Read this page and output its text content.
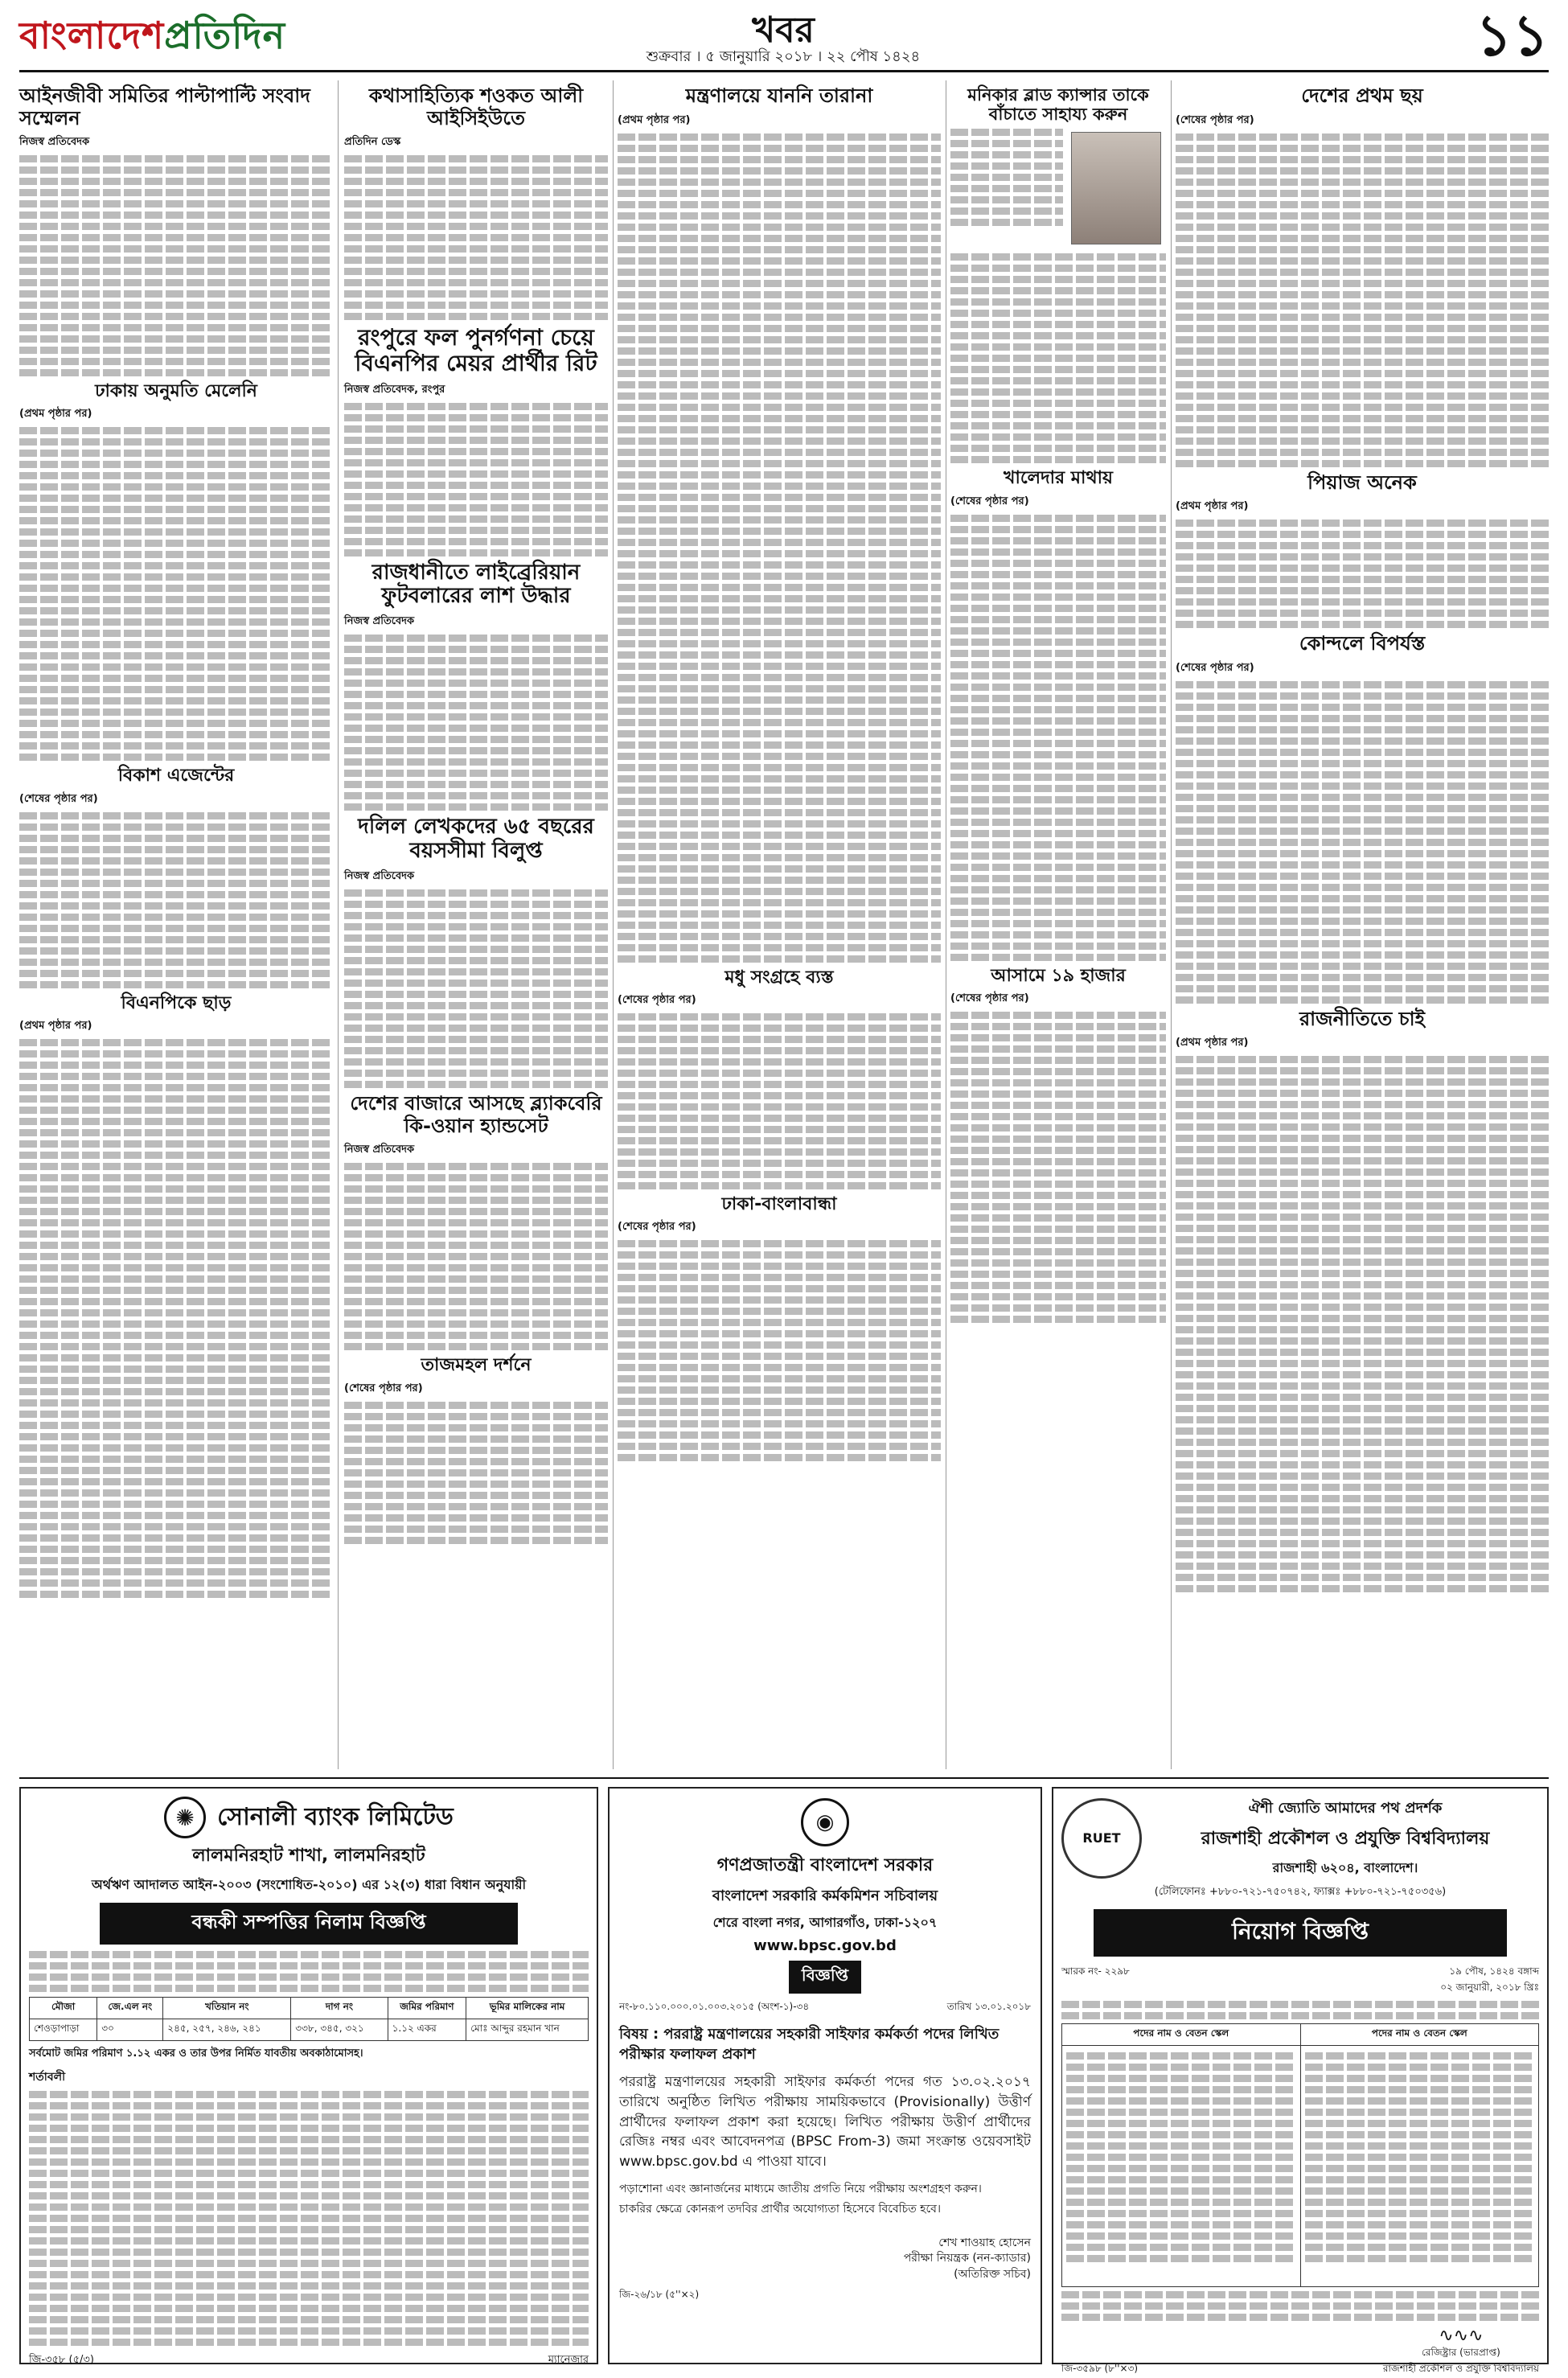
বাংলাদেশপ্রতিদিন	খবর
শুক্রবার । ৫ জানুয়ারি ২০১৮ । ২২ পৌষ ১৪২৪	১১
আইনজীবী সমিতির পাল্টাপাল্টি সংবাদ সম্মেলন
নিজস্ব প্রতিবেদক
ঢাকায় অনুমতি মেলেনি
(প্রথম পৃষ্ঠার পর)
বিকাশ এজেন্টের
(শেষের পৃষ্ঠার পর)
বিএনপিকে ছাড়
(প্রথম পৃষ্ঠার পর)
কথাসাহিত্যিক শওকত আলী আইসিইউতে
প্রতিদিন ডেস্ক
রংপুরে ফল পুনর্গণনা চেয়ে বিএনপির মেয়র প্রার্থীর রিট
নিজস্ব প্রতিবেদক, রংপুর
রাজধানীতে লাইব্রেরিয়ান ফুটবলারের লাশ উদ্ধার
নিজস্ব প্রতিবেদক
দলিল লেখকদের ৬৫ বছরের বয়সসীমা বিলুপ্ত
নিজস্ব প্রতিবেদক
দেশের বাজারে আসছে ব্ল্যাকবেরি কি-ওয়ান হ্যান্ডসেট
নিজস্ব প্রতিবেদক
তাজমহল দর্শনে
(শেষের পৃষ্ঠার পর)
মন্ত্রণালয়ে যাননি তারানা
(প্রথম পৃষ্ঠার পর)
মধু সংগ্রহে ব্যস্ত
(শেষের পৃষ্ঠার পর)
ঢাকা-বাংলাবান্ধা
(শেষের পৃষ্ঠার পর)
মনিকার ব্লাড ক্যান্সার তাকে বাঁচাতে সাহায্য করুন
খালেদার মাথায়
(শেষের পৃষ্ঠার পর)
আসামে ১৯ হাজার
(শেষের পৃষ্ঠার পর)
দেশের প্রথম ছয়
(শেষের পৃষ্ঠার পর)
পিয়াজ অনেক
(প্রথম পৃষ্ঠার পর)
কোন্দলে বিপর্যস্ত
(শেষের পৃষ্ঠার পর)
রাজনীতিতে চাই
(প্রথম পৃষ্ঠার পর)
✺ সোনালী ব্যাংক লিমিটেড
লালমনিরহাট শাখা, লালমনিরহাট
অর্থঋণ আদালত আইন-২০০৩ (সংশোধিত-২০১০) এর ১২(৩) ধারা বিধান অনুযায়ী
বন্ধকী সম্পত্তির নিলাম বিজ্ঞপ্তি
মৌজা	জে.এল নং	খতিয়ান নং	দাগ নং	জমির পরিমাণ	ভূমির মালিকের নাম
শেওড়াপাড়া	৩০	২৪৫, ২৫৭, ২৪৬, ২৪১	৩৩৮, ৩৪৫, ৩২১	১.১২ একর	মোঃ আব্দুর রহমান খান
সর্বমোট জমির পরিমাণ ১.১২ একর ও তার উপর নির্মিত যাবতীয় অবকাঠামোসহ।
শর্তাবলী
জি-৩৫৮ (৫/৩)	ম্যানেজার
◉
গণপ্রজাতন্ত্রী বাংলাদেশ সরকার
বাংলাদেশ সরকারি কর্মকমিশন সচিবালয়
শেরে বাংলা নগর, আগারগাঁও, ঢাকা-১২০৭
www.bpsc.gov.bd
বিজ্ঞপ্তি
নং-৮০.১১০.০০০.০১.০০৩.২০১৫ (অংশ-১)-৩৪	তারিখ ১৩.০১.২০১৮
বিষয় : পররাষ্ট্র মন্ত্রণালয়ের সহকারী সাইফার কর্মকর্তা পদের লিখিত পরীক্ষার ফলাফল প্রকাশ
পররাষ্ট্র মন্ত্রণালয়ের সহকারী সাইফার কর্মকর্তা পদের গত ১৩.০২.২০১৭ তারিখে অনুষ্ঠিত লিখিত পরীক্ষায় সাময়িকভাবে (Provisionally) উত্তীর্ণ প্রার্থীদের ফলাফল প্রকাশ করা হয়েছে। লিখিত পরীক্ষায় উত্তীর্ণ প্রার্থীদের রেজিঃ নম্বর এবং আবেদনপত্র (BPSC From-3) জমা সংক্রান্ত ওয়েবসাইট www.bpsc.gov.bd এ পাওয়া যাবে।
পড়াশোনা এবং জ্ঞানার্জনের মাধ্যমে জাতীয় প্রগতি নিয়ে পরীক্ষায় অংশগ্রহণ করুন।
চাকরির ক্ষেত্রে কোনরূপ তদবির প্রার্থীর অযোগ্যতা হিসেবে বিবেচিত হবে।
শেখ শাওয়াহ হোসেন
পরীক্ষা নিয়ন্ত্রক (নন-ক্যাডার)
(অতিরিক্ত সচিব)
জি-২৬/১৮ (৫''×২)
RUET
ঐশী জ্যোতি আমাদের পথ প্রদর্শক
রাজশাহী প্রকৌশল ও প্রযুক্তি বিশ্ববিদ্যালয়
রাজশাহী ৬২০৪, বাংলাদেশ।
(টেলিফোনঃ +৮৮০-৭২১-৭৫০৭৪২, ফ্যাক্সঃ +৮৮০-৭২১-৭৫০৩৫৬)
নিয়োগ বিজ্ঞপ্তি
স্মারক নং- ২২৯৮	১৯ পৌষ, ১৪২৪ বঙ্গাব্দ
০২ জানুয়ারী, ২০১৮ খ্রিঃ
পদের নাম ও বেতন স্কেল	পদের নাম ও বেতন স্কেল

জি-৩৫৯৮ (৮''×৩)
∿∿∿
রেজিষ্ট্রার (ভারপ্রাপ্ত)
রাজশাহী প্রকৌশল ও প্রযুক্তি বিশ্ববিদ্যালয়
